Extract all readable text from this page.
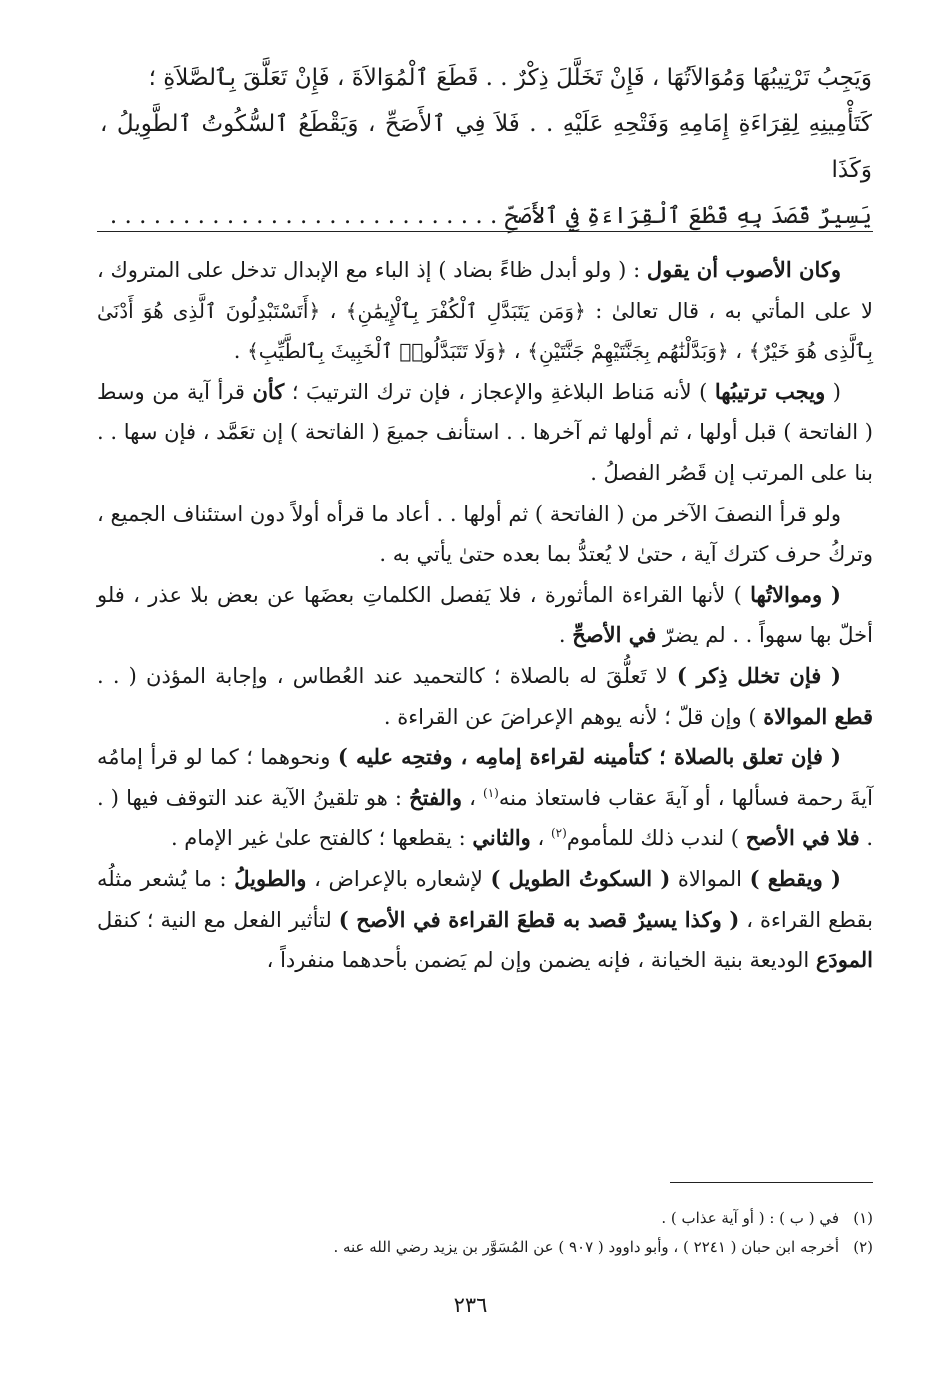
وَيَجِبُ تَرْتِيبُهَا وَمُوَالاَتُهَا ، فَإِنْ تَخَلَّلَ ذِكْرٌ . . قَطَعَ ٱلْمُوَالاَةَ ، فَإِنْ تَعَلَّقَ بِٱلصَّلاَةِ ؛

كَتَأْمِينِهِ لِقِرَاءَةِ إِمَامِهِ وَفَتْحِهِ عَلَيْهِ . . فَلاَ فِي ٱلأَصَحِّ ، وَيَقْطَعُ ٱلسُّكُوتُ ٱلطَّوِيلُ ، وَكَذَا

يَسِيرٌ قَصَدَ بِهِ قَطْعَ ٱلْقِرَاءَةِ فِي ٱلأَصَحِّ . . . . . . . . . . . . . . . . . . . . . . . . . . .

وكان الأصوب أن يقول : ( ولو أبدل ظاءً بضاد ) إذ الباء مع الإبدال تدخل على المتروك ، لا على المأتي به ، قال تعالىٰ : ﴿وَمَن يَتَبَدَّلِ ٱلْكُفْرَ بِٱلْإِيمَٰنِ﴾ ، ﴿أَتَسْتَبْدِلُونَ ٱلَّذِى هُوَ أَدْنَىٰ بِٱلَّذِى هُوَ خَيْرٌ﴾ ، ﴿وَبَدَّلْنَٰهُم بِجَنَّتَيْهِمْ جَنَّتَيْنِ﴾ ، ﴿وَلَا تَتَبَدَّلُوا۟ ٱلْخَبِيثَ بِٱلطَّيِّبِ﴾ .

( ويجب ترتيبُها ) لأنه مَناط البلاغةِ والإعجاز ، فإن ترك الترتيبَ ؛ كأن قرأ آية من وسط ( الفاتحة ) قبل أولها ، ثم أولها ثم آخرها . . استأنف جميعَ ( الفاتحة ) إن تعَمَّد ، فإن سها . . بنا على المرتب إن قَصُر الفصلُ .

ولو قرأ النصفَ الآخر من ( الفاتحة ) ثم أولها . . أعاد ما قرأه أولاً دون استئناف الجميع ، وتركُ حرف كترك آية ، حتىٰ لا يُعتدُّ بما بعده حتىٰ يأتي به .

( وموالاتُها ) لأنها القراءة المأثورة ، فلا يَفصل الكلماتِ بعضَها عن بعض بلا عذر ، فلو أخلّ بها سهواً . . لم يضرّ في الأصحِّ .

( فإن تخلل ذِكر ) لا تَعلُّقَ له بالصلاة ؛ كالتحميد عند العُطاس ، وإجابة المؤذن ( . . قطع الموالاة ) وإن قلّ ؛ لأنه يوهم الإعراضَ عن القراءة .

( فإن تعلق بالصلاة ؛ كتأمينه لقراءة إمامِه ، وفتحِه عليه ) ونحوهما ؛ كما لو قرأ إمامُه آيةَ رحمة فسألها ، أو آيةَ عقاب فاستعاذ منه$^{(١)}$ ، والفتحُ : هو تلقينُ الآية عند التوقف فيها ( . . فلا في الأصح ) لندب ذلك للمأموم$^{(٢)}$ ، والثاني : يقطعها ؛ كالفتح علىٰ غير الإمام .

( ويقطع ) الموالاة ( السكوتُ الطويل ) لإشعاره بالإعراض ، والطويلُ : ما يُشعر مثلُه بقطع القراءة ، ( وكذا يسيرٌ قصد به قطعَ القراءة في الأصح ) لتأثير الفعل مع النية ؛ كنقل المودَع الوديعة بنية الخيانة ، فإنه يضمن وإن لم يَضمن بأحدهما منفرداً ،

(١)في ( ب ) : ( أو آية عذاب ) .

(٢)أخرجه ابن حبان ( ٢٢٤١ ) ، وأبو داوود ( ٩٠٧ ) عن المُسَوَّر بن يزيد رضي الله عنه .

٢٣٦
